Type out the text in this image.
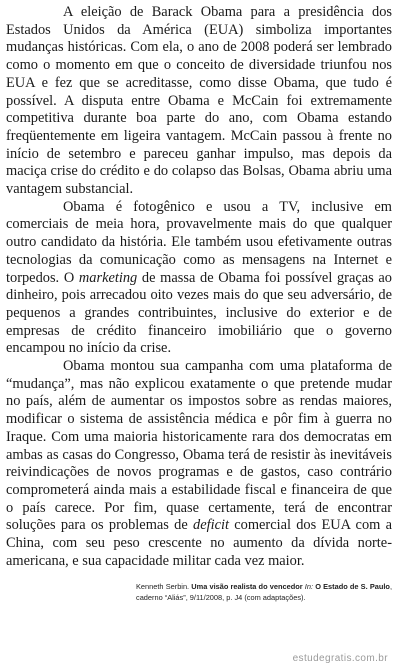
A eleição de Barack Obama para a presidência dos Estados Unidos da América (EUA) simboliza importantes mudanças históricas. Com ela, o ano de 2008 poderá ser lembrado como o momento em que o conceito de diversidade triunfou nos EUA e fez que se acreditasse, como disse Obama, que tudo é possível. A disputa entre Obama e McCain foi extremamente competitiva durante boa parte do ano, com Obama estando freqüentemente em ligeira vantagem. McCain passou à frente no início de setembro e pareceu ganhar impulso, mas depois da maciça crise do crédito e do colapso das Bolsas, Obama abriu uma vantagem substancial.

Obama é fotogênico e usou a TV, inclusive em comerciais de meia hora, provavelmente mais do que qualquer outro candidato da história. Ele também usou efetivamente outras tecnologias da comunicação como as mensagens na Internet e torpedos. O marketing de massa de Obama foi possível graças ao dinheiro, pois arrecadou oito vezes mais do que seu adversário, de pequenos a grandes contribuintes, inclusive do exterior e de empresas de crédito financeiro imobiliário que o governo encampou no início da crise.

Obama montou sua campanha com uma plataforma de “mudança”, mas não explicou exatamente o que pretende mudar no país, além de aumentar os impostos sobre as rendas maiores, modificar o sistema de assistência médica e pôr fim à guerra no Iraque. Com uma maioria historicamente rara dos democratas em ambas as casas do Congresso, Obama terá de resistir às inevitáveis reivindicações de novos programas e de gastos, caso contrário comprometerá ainda mais a estabilidade fiscal e financeira de que o país carece. Por fim, quase certamente, terá de encontrar soluções para os problemas de deficit comercial dos EUA com a China, com seu peso crescente no aumento da dívida norte-americana, e sua capacidade militar cada vez maior.

Kenneth Serbin. Uma visão realista do vencedor In: O Estado de S. Paulo, caderno “Aliás”, 9/11/2008, p. J4 (com adaptações).
estudegratis.com.br
